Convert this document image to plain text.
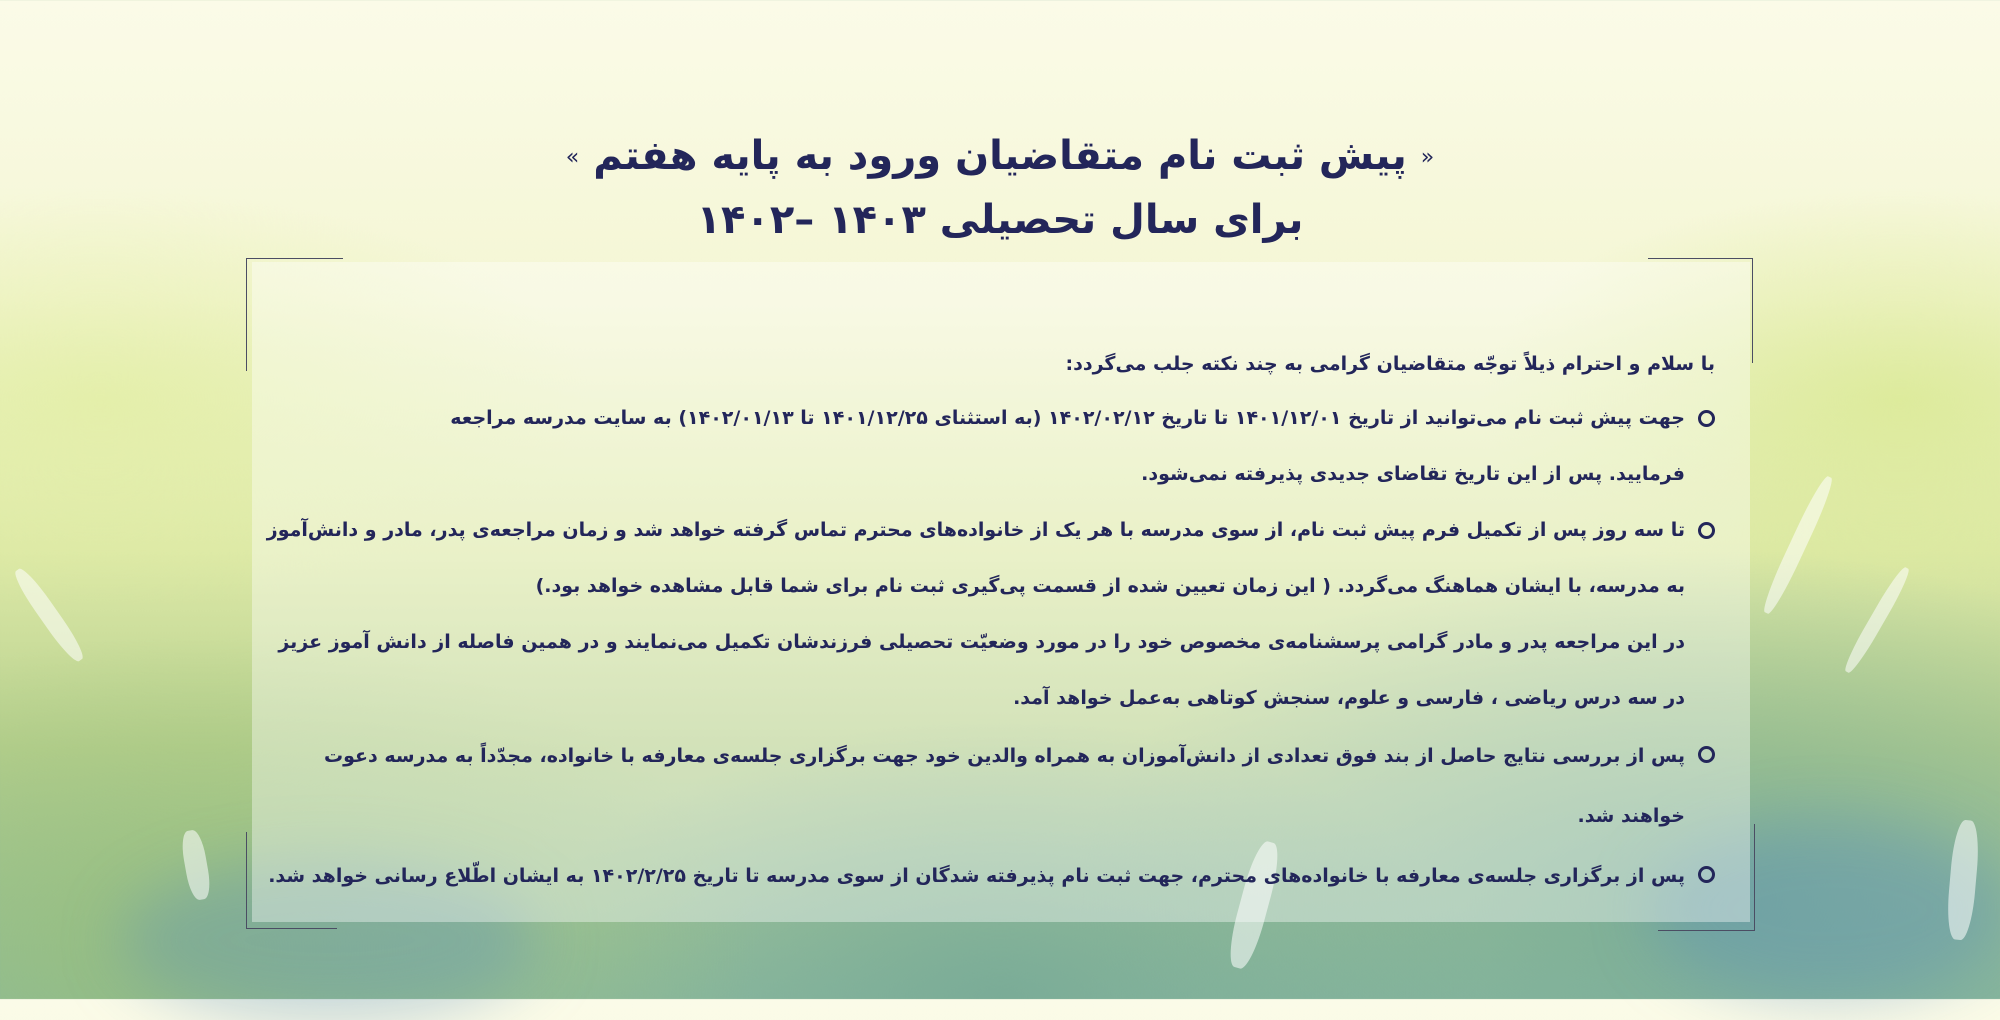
«پیش ثبت نام متقاضیان ورود به پایه هفتم»
برای سال تحصیلی ۱۴۰۳ –۱۴۰۲
با سلام و احترام ذیلاً توجّه متقاضیان گرامی به چند نکته جلب می‌گردد:
جهت پیش ثبت نام می‌توانید از تاریخ ۱۴۰۱/۱۲/۰۱ تا تاریخ ۱۴۰۲/۰۲/۱۲ (به استثنای ۱۴۰۱/۱۲/۲۵ تا ۱۴۰۲/۰۱/۱۳) به سایت مدرسه مراجعه
فرمایید. پس از این تاریخ تقاضای جدیدی پذیرفته نمی‌شود.
تا سه روز پس از تکمیل فرم پیش ثبت نام، از سوی مدرسه با هر یک از خانواده‌های محترم تماس گرفته خواهد شد و زمان مراجعه‌ی پدر، مادر و دانش‌آموز
به مدرسه، با ایشان هماهنگ می‌گردد. ( این زمان تعیین شده از قسمت پی‌گیری ثبت نام برای شما قابل مشاهده خواهد بود.)
در این مراجعه پدر و مادر گرامی پرسشنامه‌ی مخصوص خود را در مورد وضعیّت تحصیلی فرزندشان تکمیل می‌نمایند و در همین فاصله از دانش آموز عزیز
در سه درس ریاضی ، فارسی و علوم، سنجش کوتاهی به‌عمل خواهد آمد.
پس از بررسی نتایج حاصل از بند فوق تعدادی از دانش‌آموزان به همراه والدین خود جهت برگزاری جلسه‌ی معارفه با خانواده، مجدّداً به مدرسه دعوت خواهند شد.
پس از برگزاری جلسه‌ی معارفه با خانواده‌های محترم، جهت ثبت نام پذیرفته شدگان از سوی مدرسه تا تاریخ ۱۴۰۲/۲/۲۵ به ایشان اطّلاع رسانی خواهد شد.
